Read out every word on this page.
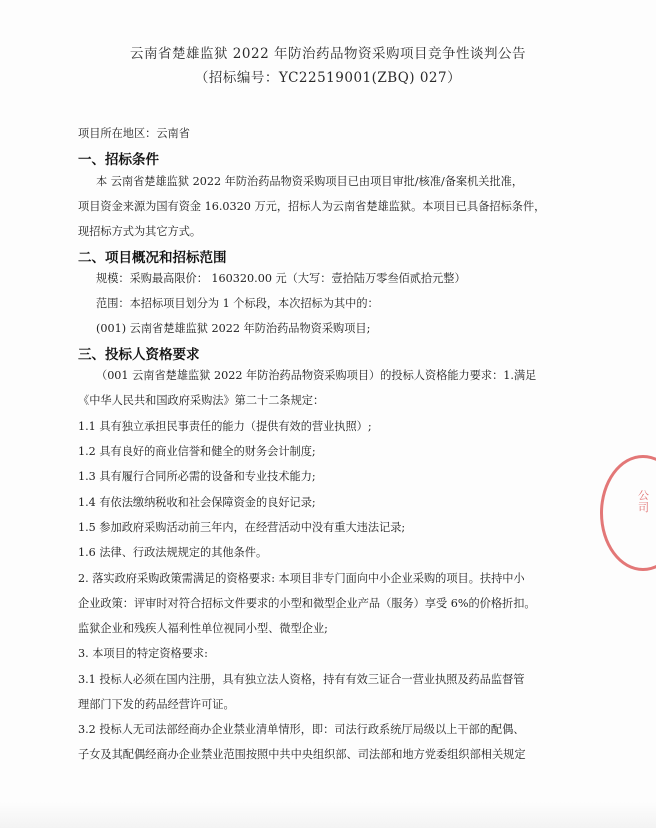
云南省楚雄监狱 2022 年防治药品物资采购项目竞争性谈判公告
（招标编号：YC22519001(ZBQ) 027）
项目所在地区：云南省
一、招标条件
本 云南省楚雄监狱 2022 年防治药品物资采购项目已由项目审批/核准/备案机关批准，
项目资金来源为国有资金 16.0320 万元，招标人为云南省楚雄监狱。本项目已具备招标条件，
现招标方式为其它方式。
二、项目概况和招标范围
规模：采购最高限价： 160320.00 元（大写：壹拾陆万零叁佰贰拾元整）
范围：本招标项目划分为 1 个标段，本次招标为其中的：
(001) 云南省楚雄监狱 2022 年防治药品物资采购项目;
三、投标人资格要求
（001 云南省楚雄监狱 2022 年防治药品物资采购项目）的投标人资格能力要求：1.满足
《中华人民共和国政府采购法》第二十二条规定：
1.1 具有独立承担民事责任的能力（提供有效的营业执照）;
1.2 具有良好的商业信誉和健全的财务会计制度;
1.3 具有履行合同所必需的设备和专业技术能力;
1.4 有依法缴纳税收和社会保障资金的良好记录;
1.5 参加政府采购活动前三年内，在经营活动中没有重大违法记录;
1.6 法律、行政法规规定的其他条件。
2. 落实政府采购政策需满足的资格要求: 本项目非专门面向中小企业采购的项目。扶持中小
企业政策：评审时对符合招标文件要求的小型和微型企业产品（服务）享受 6%的价格折扣。
监狱企业和残疾人福利性单位视同小型、微型企业;
3. 本项目的特定资格要求:
3.1 投标人必须在国内注册，具有独立法人资格，持有有效三证合一营业执照及药品监督管
理部门下发的药品经营许可证。
3.2 投标人无司法部经商办企业禁业清单情形，即：司法行政系统厅局级以上干部的配偶、
子女及其配偶经商办企业禁业范围按照中共中央组织部、司法部和地方党委组织部相关规定
公 司
